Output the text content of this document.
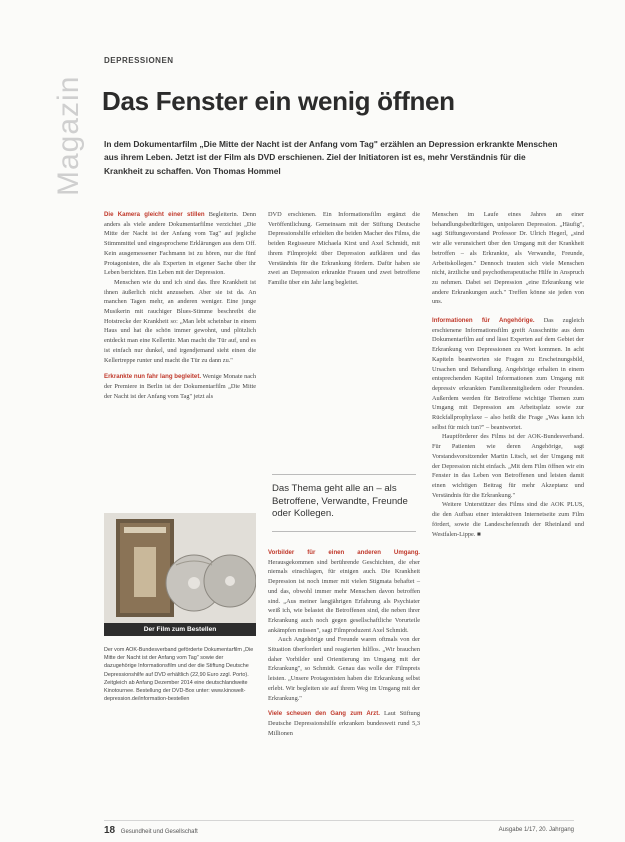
Magazin
DEPRESSIONEN
Das Fenster ein wenig öffnen
In dem Dokumentarfilm „Die Mitte der Nacht ist der Anfang vom Tag" erzählen an Depression erkrankte Menschen aus ihrem Leben. Jetzt ist der Film als DVD erschienen. Ziel der Initiatoren ist es, mehr Verständnis für die Krankheit zu schaffen. Von Thomas Hommel

Die Kamera gleicht einer stillen Begleiterin. Denn anders als viele andere Dokumentarfilme verzichtet „Die Mitte der Nacht ist der Anfang vom Tag" auf jegliche Stimmmittel und eingesprochene Erklärungen aus dem Off. Kein ausgemessener Fachmann ist zu hören, nur die fünf Protagonisten, die als Experten in eigener Sache über ihr Leben berichten. Ein Leben mit der Depression.

Menschen wie du und ich sind das. Ihre Krankheit ist ihnen äußerlich nicht anzusehen. Aber sie ist da. An manchen Tagen mehr, an anderen weniger. Eine junge Musikerin mit rauchiger Blues-Stimme beschreibt die Hotstrecke der Krankheit so: „Man lebt scheinbar in einem Haus und hat die schön immer gewohnt, und plötzlich entdeckt man eine Kellertür. Man macht die Tür auf, und es ist einfach nur dunkel, und irgendjemand sieht einen die Kellertreppe runter und macht die Tür zu dann zu."

Erkrankte nun fahr lang begleitet. Wenige Monate nach der Premiere in Berlin ist der Dokumentarfilm „Die Mitte der Nacht ist der Anfang vom Tag" jetzt als

Der Film zum Bestellen
Der vom AOK-Bundesverband geförderte Dokumentarfilm „Die Mitte der Nacht ist der Anfang vom Tag" sowie der dazugehörige Informationsfilm und der die Stiftung Deutsche Depressionshilfe auf DVD erhältlich (22,90 Euro zzgl. Porto). Zeitgleich ab Anfang Dezember 2014 eine deutschlandweite Kinotournee. Bestellung der DVD-Box unter: www.kinowelt-depression.de/information-bestellen

DVD erschienen. Ein Informationsfilm ergänzt die Veröffentlichung. Gemeinsam mit der Stiftung Deutsche Depressionshilfe erhielten die beiden Macher des Films, die beiden Regisseure Michaela Kirst und Axel Schmidt, mit ihrem Filmprojekt über Depression aufklären und das Verständnis für die Erkrankung fördern. Dafür haben sie zwei an Depression erkrankte Frauen und zwei betroffene Familie über ein Jahr lang begleitet.

Das Thema geht alle an – als Betroffene, Verwandte, Freunde oder Kollegen.

Vorbilder für einen anderen Umgang. Herausgekommen sind berührende Geschichten, die eher niemals einschlagen, für einigen auch. Die Krankheit Depression ist noch immer mit vielen Stigmata behaftet – und das, obwohl immer mehr Menschen davon betroffen sind. „Aus meiner langjährigen Erfahrung als Psychiater weiß ich, wie belastet die Betroffenen sind, die neben ihrer Erkrankung auch noch gegen gesellschaftliche Vorurteile ankämpfen müssen", sagt Filmproduzent Axel Schmidt.

Auch Angehörige und Freunde waren oftmals von der Situation überfordert und reagierten hilflos. „Wir brauchen daher Vorbilder und Orientierung im Umgang mit der Erkrankung", so Schmidt. Genau das wolle der Filmpreis leisten. „Unsere Protagonisten haben die Erkrankung selbst erlebt. Wir begleiten sie auf ihrem Weg im Umgang mit der Erkrankung."

Viele scheuen den Gang zum Arzt. Laut Stiftung Deutsche Depressionshilfe erkranken bundesweit rund 5,3 Millionen

Menschen im Laufe eines Jahres an einer behandlungsbedürftigen, unipolaren Depression. „Häufig", sagt Stiftungsvorstand Professor Dr. Ulrich Hegerl, „sind wir alle verunsichert über den Umgang mit der Krankheit betroffen – als Erkrankte, als Verwandte, Freunde, Arbeitskollegen." Dennoch trauten sich viele Menschen nicht, ärztliche und psychotherapeutische Hilfe in Anspruch zu nehmen. Dabei sei Depression „eine Erkrankung wie andere Erkrankungen auch." Treffen könne sie jeden von uns.

Informationen für Angehörige. Das zugleich erschienene Informationsfilm greift Ausschnitte aus dem Dokumentarfilm auf und lässt Experten auf dem Gebiet der Erkrankung von Depressionen zu Wort kommen. In acht Kapiteln beantworten sie Fragen zu Erscheinungsbild, Ursachen und Behandlung. Angehörige erhalten in einem entsprechenden Kapitel Informationen zum Umgang mit depressiv erkrankten Familienmitgliedern oder Freunden. Außerdem werden für Betroffene wichtige Themen zum Umgang mit Depression am Arbeitsplatz sowie zur Rückfallprophylaxe – also heißt die Frage „Was kann ich selbst für mich tun?" – beantwortet.

Hauptförderer des Films ist der AOK-Bundesverband. Für Patienten wie deren Angehörige, sagt Vorstandsvorsitzender Martin Litsch, sei der Umgang mit der Depression nicht einfach. „Mit dem Film öffnen wir ein Fenster in das Leben von Betroffenen und leisten damit einen wichtigen Beitrag für mehr Akzeptanz und Verständnis für die Erkrankung."

Weitere Unterstützer des Films sind die AOK PLUS, die den Aufbau einer interaktiven Internetseite zum Film fördert, sowie die Landeschefenrath der Rheinland und Westfalen-Lippe. ■

18 Gesundheit und Gesellschaft	Ausgabe 1/17, 20. Jahrgang
